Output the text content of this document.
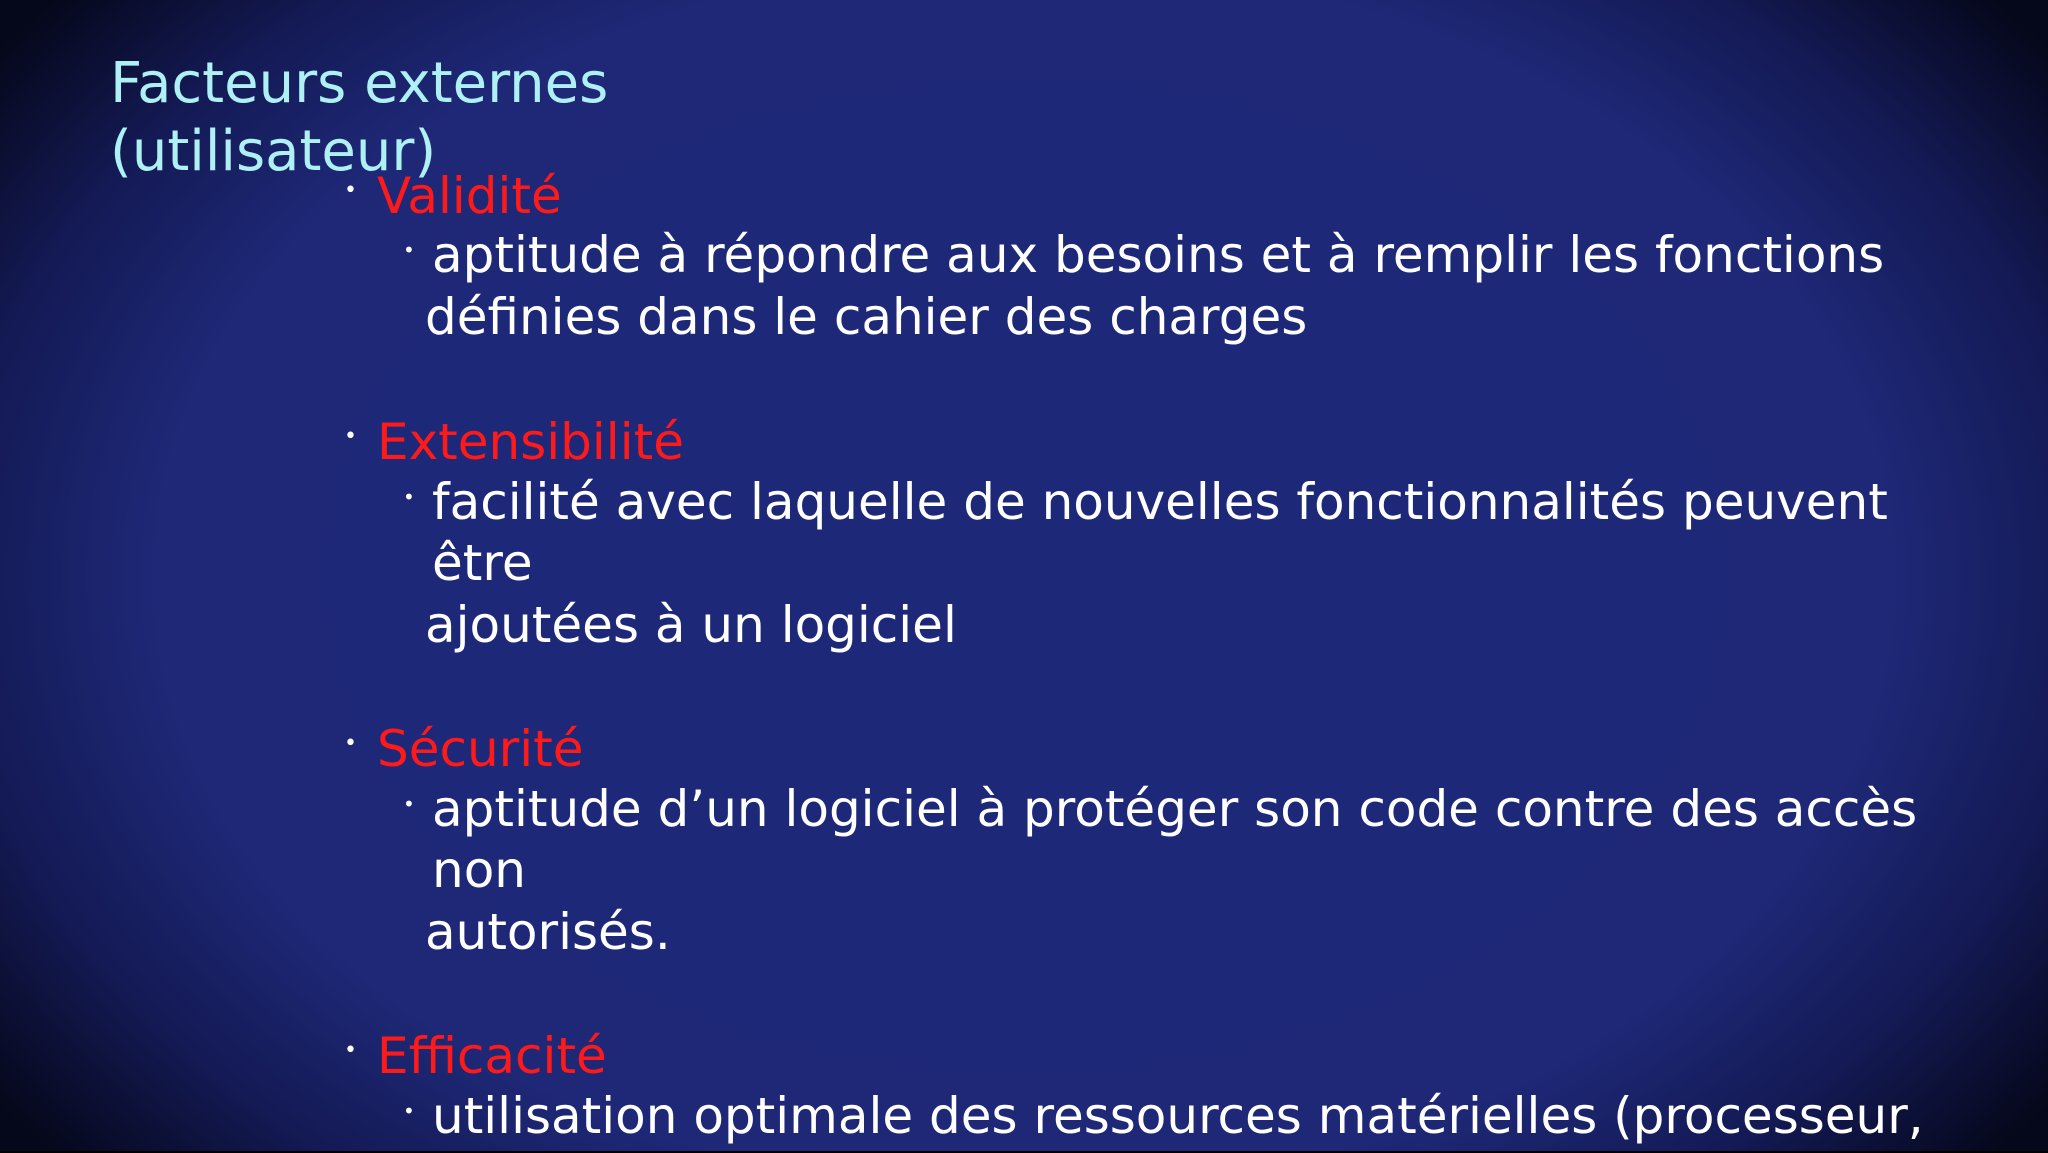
Facteurs externes
(utilisateur)
• Validité
• aptitude à répondre aux besoins et à remplir les fonctions

définies dans le cahier des charges

• Extensibilité
• facilité avec laquelle de nouvelles fonctionnalités peuvent

être

ajoutées à un logiciel

• Sécurité
• aptitude d’un logiciel à protéger son code contre des accès

non

autorisés.

• Efficacité
• utilisation optimale des ressources matérielles (processeur,
